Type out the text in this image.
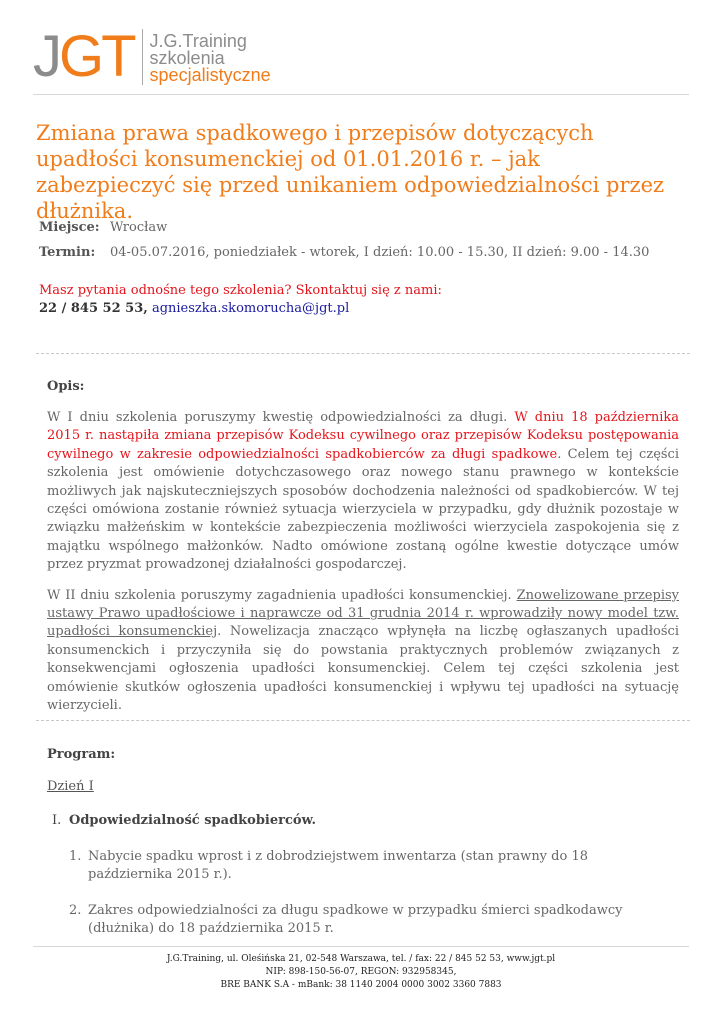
J GT J.G.Training
szkolenia
specjalistyczne
Zmiana prawa spadkowego i przepisów dotyczących upadłości konsumenckiej od 01.01.2016 r. – jak zabezpieczyć się przed unikaniem odpowiedzialności przez dłużnika.
Miejsce: Wrocław
Termin: 04-05.07.2016, poniedziałek - wtorek, I dzień: 10.00 - 15.30, II dzień: 9.00 - 14.30
Masz pytania odnośne tego szkolenia? Skontaktuj się z nami:
22 / 845 52 53, agnieszka.skomorucha@jgt.pl
Opis:

W I dniu szkolenia poruszymy kwestię odpowiedzialności za długi. W dniu 18 października 2015 r. nastąpiła zmiana przepisów Kodeksu cywilnego oraz przepisów Kodeksu postępowania cywilnego w zakresie odpowiedzialności spadkobierców za długi spadkowe. Celem tej części szkolenia jest omówienie dotychczasowego oraz nowego stanu prawnego w kontekście możliwych jak najskuteczniejszych sposobów dochodzenia należności od spadkobierców. W tej części omówiona zostanie również sytuacja wierzyciela w przypadku, gdy dłużnik pozostaje w związku małżeńskim w kontekście zabezpieczenia możliwości wierzyciela zaspokojenia się z majątku wspólnego małżonków. Nadto omówione zostaną ogólne kwestie dotyczące umów przez pryzmat prowadzonej działalności gospodarczej.

W II dniu szkolenia poruszymy zagadnienia upadłości konsumenckiej. Znowelizowane przepisy ustawy Prawo upadłościowe i naprawcze od 31 grudnia 2014 r. wprowadziły nowy model tzw. upadłości konsumenckiej. Nowelizacja znacząco wpłynęła na liczbę ogłaszanych upadłości konsumenckich i przyczyniła się do powstania praktycznych problemów związanych z konsekwencjami ogłoszenia upadłości konsumenckiej. Celem tej części szkolenia jest omówienie skutków ogłoszenia upadłości konsumenckiej i wpływu tej upadłości na sytuację wierzycieli.

Program:
Dzień I
I. Odpowiedzialność spadkobierców.
1. Nabycie spadku wprost i z dobrodziejstwem inwentarza (stan prawny do 18 października 2015 r.).
2. Zakres odpowiedzialności za długu spadkowe w przypadku śmierci spadkodawcy (dłużnika) do 18 października 2015 r.
J.G.Training, ul. Oleśińska 21, 02-548 Warszawa, tel. / fax: 22 / 845 52 53, www.jgt.pl
NIP: 898-150-56-07, REGON: 932958345,
BRE BANK S.A - mBank: 38 1140 2004 0000 3002 3360 7883
